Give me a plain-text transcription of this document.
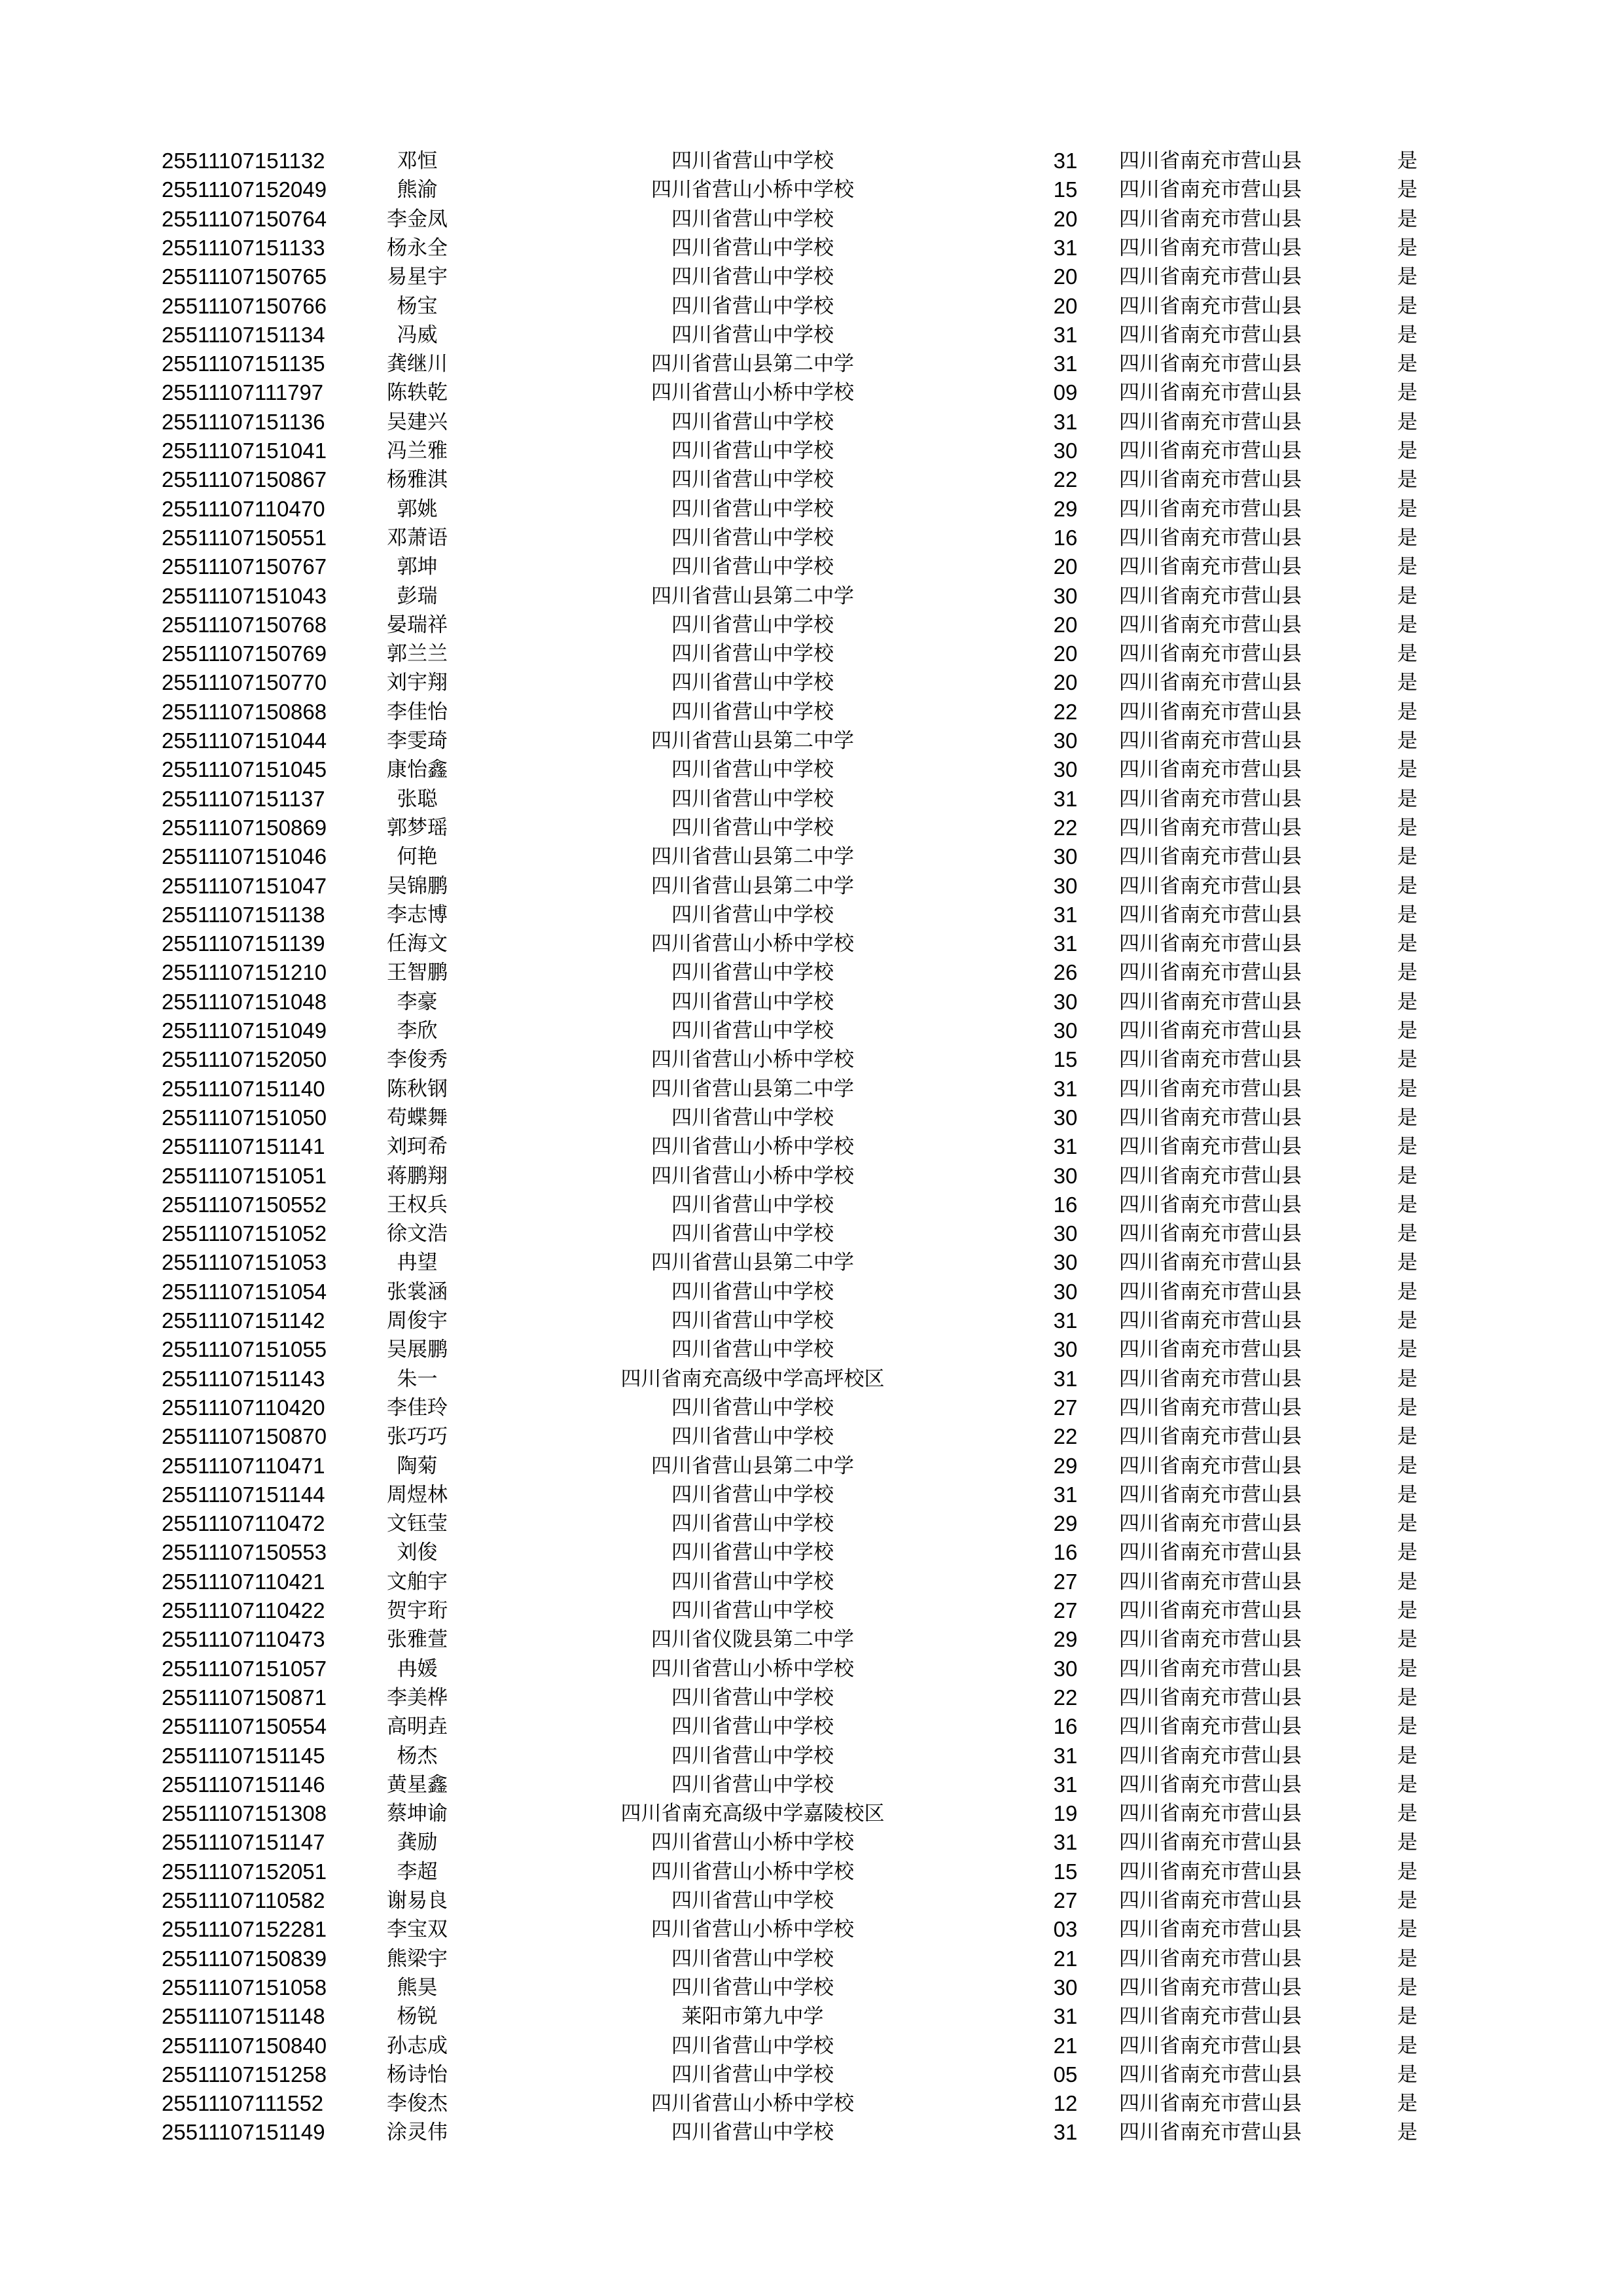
25511107151132	邓恒	四川省营山中学校	31	四川省南充市营山县	是
25511107152049	熊渝	四川省营山小桥中学校	15	四川省南充市营山县	是
25511107150764	李金凤	四川省营山中学校	20	四川省南充市营山县	是
25511107151133	杨永全	四川省营山中学校	31	四川省南充市营山县	是
25511107150765	易星宇	四川省营山中学校	20	四川省南充市营山县	是
25511107150766	杨宝	四川省营山中学校	20	四川省南充市营山县	是
25511107151134	冯威	四川省营山中学校	31	四川省南充市营山县	是
25511107151135	龚继川	四川省营山县第二中学	31	四川省南充市营山县	是
25511107111797	陈轶乾	四川省营山小桥中学校	09	四川省南充市营山县	是
25511107151136	吴建兴	四川省营山中学校	31	四川省南充市营山县	是
25511107151041	冯兰雅	四川省营山中学校	30	四川省南充市营山县	是
25511107150867	杨雅淇	四川省营山中学校	22	四川省南充市营山县	是
25511107110470	郭姚	四川省营山中学校	29	四川省南充市营山县	是
25511107150551	邓萧语	四川省营山中学校	16	四川省南充市营山县	是
25511107150767	郭坤	四川省营山中学校	20	四川省南充市营山县	是
25511107151043	彭瑞	四川省营山县第二中学	30	四川省南充市营山县	是
25511107150768	晏瑞祥	四川省营山中学校	20	四川省南充市营山县	是
25511107150769	郭兰兰	四川省营山中学校	20	四川省南充市营山县	是
25511107150770	刘宇翔	四川省营山中学校	20	四川省南充市营山县	是
25511107150868	李佳怡	四川省营山中学校	22	四川省南充市营山县	是
25511107151044	李雯琦	四川省营山县第二中学	30	四川省南充市营山县	是
25511107151045	康怡鑫	四川省营山中学校	30	四川省南充市营山县	是
25511107151137	张聪	四川省营山中学校	31	四川省南充市营山县	是
25511107150869	郭梦瑶	四川省营山中学校	22	四川省南充市营山县	是
25511107151046	何艳	四川省营山县第二中学	30	四川省南充市营山县	是
25511107151047	吴锦鹏	四川省营山县第二中学	30	四川省南充市营山县	是
25511107151138	李志博	四川省营山中学校	31	四川省南充市营山县	是
25511107151139	任海文	四川省营山小桥中学校	31	四川省南充市营山县	是
25511107151210	王智鹏	四川省营山中学校	26	四川省南充市营山县	是
25511107151048	李豪	四川省营山中学校	30	四川省南充市营山县	是
25511107151049	李欣	四川省营山中学校	30	四川省南充市营山县	是
25511107152050	李俊秀	四川省营山小桥中学校	15	四川省南充市营山县	是
25511107151140	陈秋钢	四川省营山县第二中学	31	四川省南充市营山县	是
25511107151050	苟蝶舞	四川省营山中学校	30	四川省南充市营山县	是
25511107151141	刘珂希	四川省营山小桥中学校	31	四川省南充市营山县	是
25511107151051	蒋鹏翔	四川省营山小桥中学校	30	四川省南充市营山县	是
25511107150552	王权兵	四川省营山中学校	16	四川省南充市营山县	是
25511107151052	徐文浩	四川省营山中学校	30	四川省南充市营山县	是
25511107151053	冉望	四川省营山县第二中学	30	四川省南充市营山县	是
25511107151054	张裳涵	四川省营山中学校	30	四川省南充市营山县	是
25511107151142	周俊宇	四川省营山中学校	31	四川省南充市营山县	是
25511107151055	吴展鹏	四川省营山中学校	30	四川省南充市营山县	是
25511107151143	朱一	四川省南充高级中学高坪校区	31	四川省南充市营山县	是
25511107110420	李佳玲	四川省营山中学校	27	四川省南充市营山县	是
25511107150870	张巧巧	四川省营山中学校	22	四川省南充市营山县	是
25511107110471	陶菊	四川省营山县第二中学	29	四川省南充市营山县	是
25511107151144	周煜林	四川省营山中学校	31	四川省南充市营山县	是
25511107110472	文钰莹	四川省营山中学校	29	四川省南充市营山县	是
25511107150553	刘俊	四川省营山中学校	16	四川省南充市营山县	是
25511107110421	文舶宇	四川省营山中学校	27	四川省南充市营山县	是
25511107110422	贺宇珩	四川省营山中学校	27	四川省南充市营山县	是
25511107110473	张雅萱	四川省仪陇县第二中学	29	四川省南充市营山县	是
25511107151057	冉媛	四川省营山小桥中学校	30	四川省南充市营山县	是
25511107150871	李美桦	四川省营山中学校	22	四川省南充市营山县	是
25511107150554	高明垚	四川省营山中学校	16	四川省南充市营山县	是
25511107151145	杨杰	四川省营山中学校	31	四川省南充市营山县	是
25511107151146	黄星鑫	四川省营山中学校	31	四川省南充市营山县	是
25511107151308	蔡坤谕	四川省南充高级中学嘉陵校区	19	四川省南充市营山县	是
25511107151147	龚励	四川省营山小桥中学校	31	四川省南充市营山县	是
25511107152051	李超	四川省营山小桥中学校	15	四川省南充市营山县	是
25511107110582	谢易良	四川省营山中学校	27	四川省南充市营山县	是
25511107152281	李宝双	四川省营山小桥中学校	03	四川省南充市营山县	是
25511107150839	熊梁宇	四川省营山中学校	21	四川省南充市营山县	是
25511107151058	熊昊	四川省营山中学校	30	四川省南充市营山县	是
25511107151148	杨锐	莱阳市第九中学	31	四川省南充市营山县	是
25511107150840	孙志成	四川省营山中学校	21	四川省南充市营山县	是
25511107151258	杨诗怡	四川省营山中学校	05	四川省南充市营山县	是
25511107111552	李俊杰	四川省营山小桥中学校	12	四川省南充市营山县	是
25511107151149	涂灵伟	四川省营山中学校	31	四川省南充市营山县	是
